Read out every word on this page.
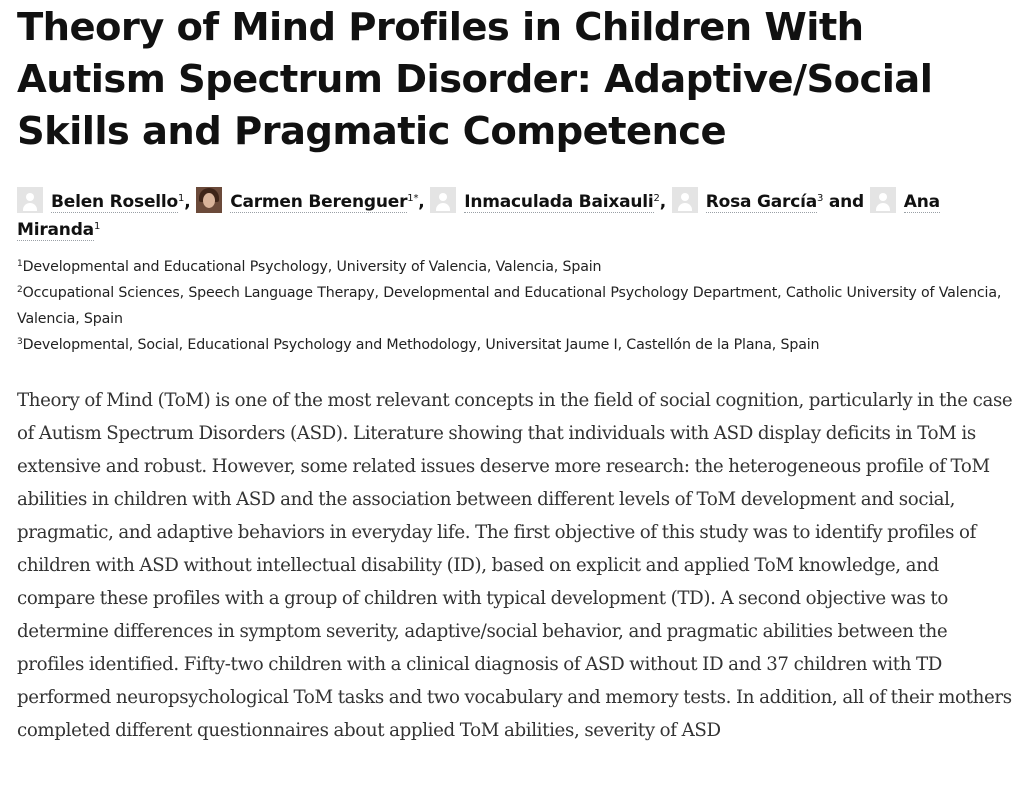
Theory of Mind Profiles in Children With Autism Spectrum Disorder: Adaptive/Social Skills and Pragmatic Competence
Belen Rosello$^1$,
Carmen Berenguer$^{1*}$,
Inmaculada Baixauli$^2$,
Rosa García$^3$ and
Ana Miranda$^1$
$^1$Developmental and Educational Psychology, University of Valencia, Valencia, Spain
$^2$Occupational Sciences, Speech Language Therapy, Developmental and Educational Psychology Department, Catholic University of Valencia, Valencia, Spain
$^3$Developmental, Social, Educational Psychology and Methodology, Universitat Jaume I, Castellón de la Plana, Spain

Theory of Mind (ToM) is one of the most relevant concepts in the field of social cognition, particularly in the case of Autism Spectrum Disorders (ASD). Literature showing that individuals with ASD display deficits in ToM is extensive and robust. However, some related issues deserve more research: the heterogeneous profile of ToM abilities in children with ASD and the association between different levels of ToM development and social, pragmatic, and adaptive behaviors in everyday life. The first objective of this study was to identify profiles of children with ASD without intellectual disability (ID), based on explicit and applied ToM knowledge, and compare these profiles with a group of children with typical development (TD). A second objective was to determine differences in symptom severity, adaptive/social behavior, and pragmatic abilities between the profiles identified. Fifty-two children with a clinical diagnosis of ASD without ID and 37 children with TD performed neuropsychological ToM tasks and two vocabulary and memory tests. In addition, all of their mothers completed different questionnaires about applied ToM abilities, severity of ASD
